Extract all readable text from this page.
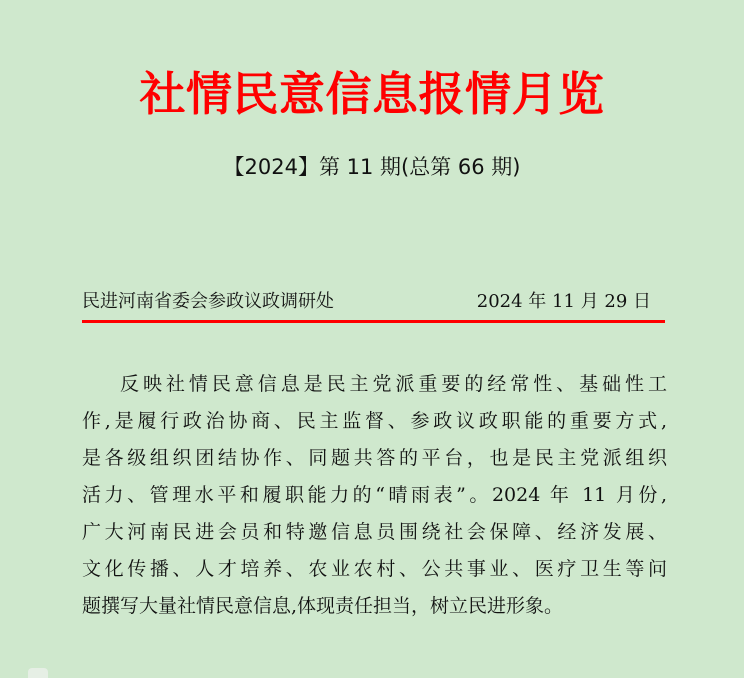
社情民意信息报情月览
【2024】第 11 期(总第 66 期)
民进河南省委会参政议政调研处	2024 年 11 月 29 日
反映社情民意信息是民主党派重要的经常性、基础性工
作,是履行政治协商、民主监督、参政议政职能的重要方式,
是各级组织团结协作、同题共答的平台，也是民主党派组织
活力、管理水平和履职能力的“晴雨表”。2024 年 11 月份,
广大河南民进会员和特邀信息员围绕社会保障、经济发展、
文化传播、人才培养、农业农村、公共事业、医疗卫生等问
题撰写大量社情民意信息,体现责任担当，树立民进形象。
